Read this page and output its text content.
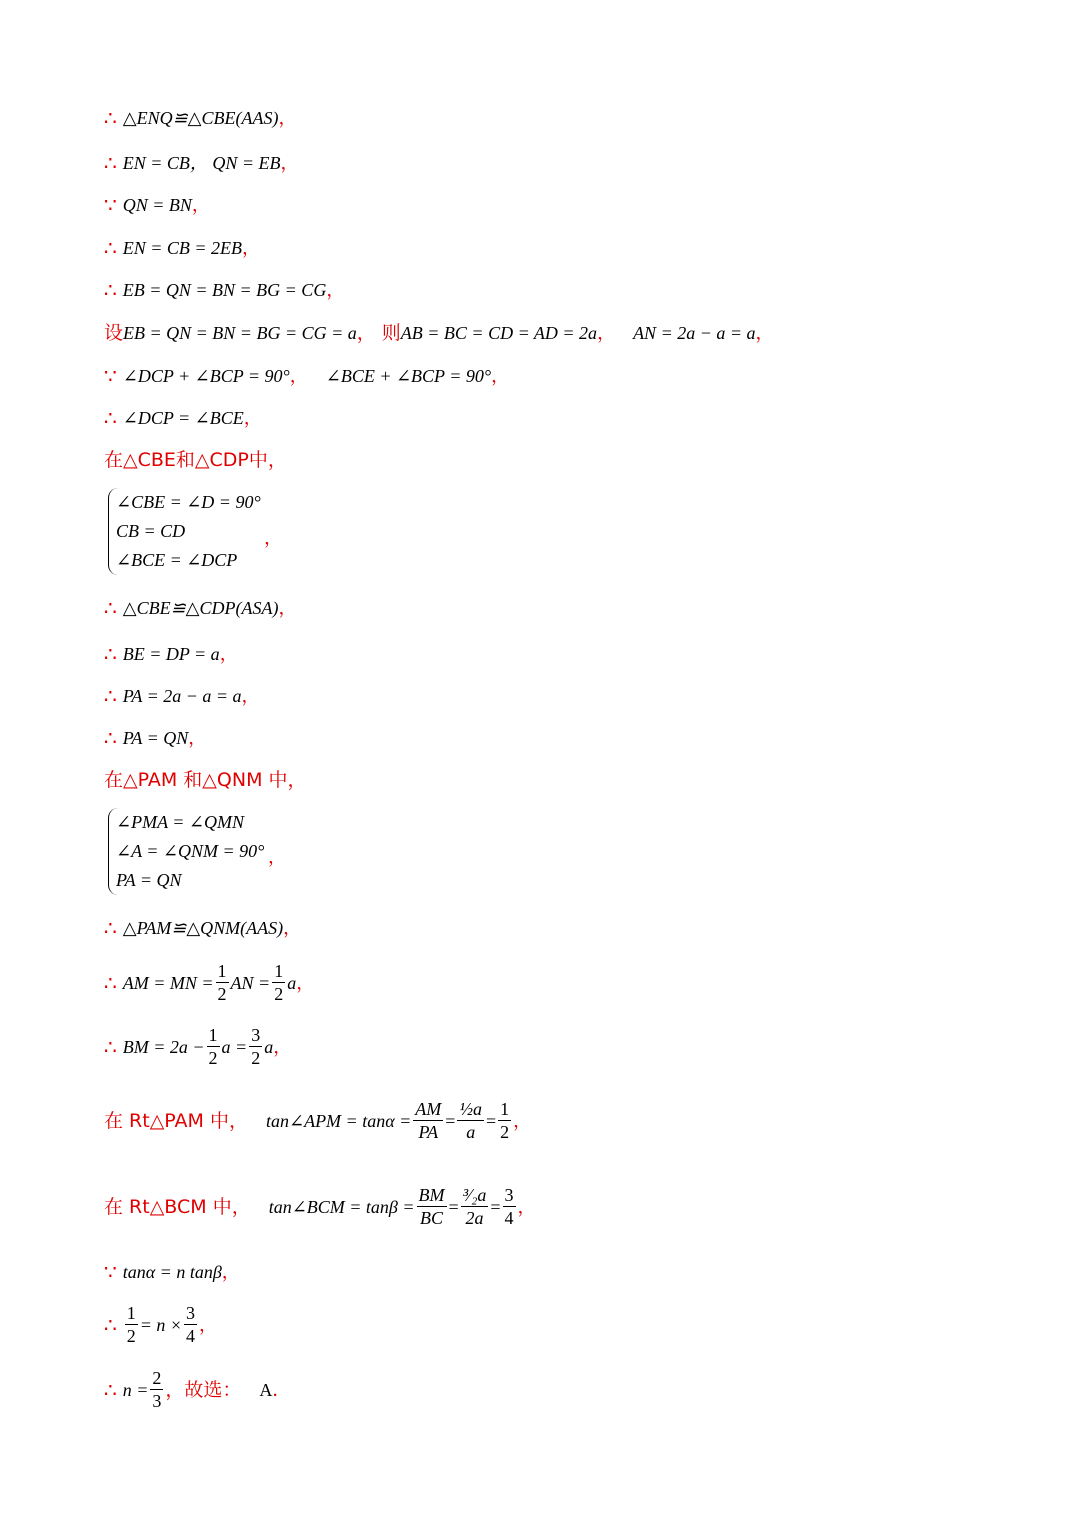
∴ △ENQ≌△CBE(AAS) ，
∴ EN = CB， QN = EB ，
∵ QN = BN ，
∴ EN = CB = 2EB ，
∴ EB = QN = BN = BG = CG ，
设 EB = QN = BN = BG = CG = a ， 则 AB = BC = CD = AD = 2a ， AN = 2a − a = a ，
∵ ∠DCP + ∠BCP = 90° ， ∠BCE + ∠BCP = 90° ，
∴ ∠DCP = ∠BCE ，
在△CBE和△CDP中，
∠CBE = ∠D = 90°
CB = CD
∠BCE = ∠DCP
，
∴ △CBE≌△CDP(ASA) ，
∴ BE = DP = a ，
∴ PA = 2a − a = a ，
∴ PA = QN ，
在△PAM 和△QNM 中，
∠PMA = ∠QMN
∠A = ∠QNM = 90°
PA = QN
，
∴ △PAM≌△QNM(AAS) ，
∴ AM = MN = $\frac{1}{2}$ AN = $\frac{1}{2}$ a ，
∴ BM = $2a - \frac{1}{2}$ $a = \frac{3}{2}$ a ，
在 Rt△PAM 中， tan∠APM = $\tan\alpha = \frac{AM}{PA} = \frac{\text{½a}}{a} = \frac{1}{2}$ ，
在 Rt△BCM 中， tan∠BCM = $\tan\beta = \frac{BM}{BC} = \frac{\text{³⁄₂a}}{2a} = \frac{3}{4}$ ，
∵ tanα = n tanβ ，
∴ $\frac{1}{2} = n \times \frac{3}{4}$ ，
∴ $n = \frac{2}{3}$ ，故选： A ．
